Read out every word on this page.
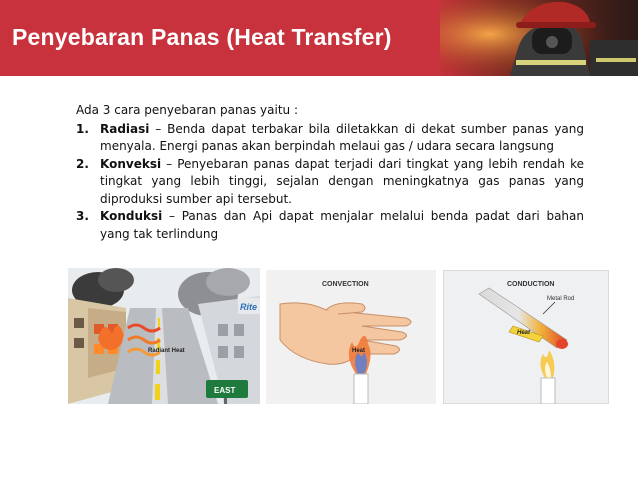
Penyebaran Panas (Heat Transfer)
Ada 3 cara penyebaran panas yaitu :
1. Radiasi – Benda dapat terbakar bila diletakkan di dekat sumber panas yang menyala. Energi panas akan berpindah melaui gas / udara secara langsung
2. Konveksi – Penyebaran panas dapat terjadi dari tingkat yang lebih rendah ke tingkat yang lebih tinggi, sejalan dengan meningkatnya gas panas yang diproduksi sumber api tersebut.
3. Konduksi – Panas dan Api dapat menjalar melalui benda padat dari bahan yang tak terlindung
Radiant Heat
Rite
EAST
CONVECTION
Heat
CONDUCTION
Metal Rod
Heat
